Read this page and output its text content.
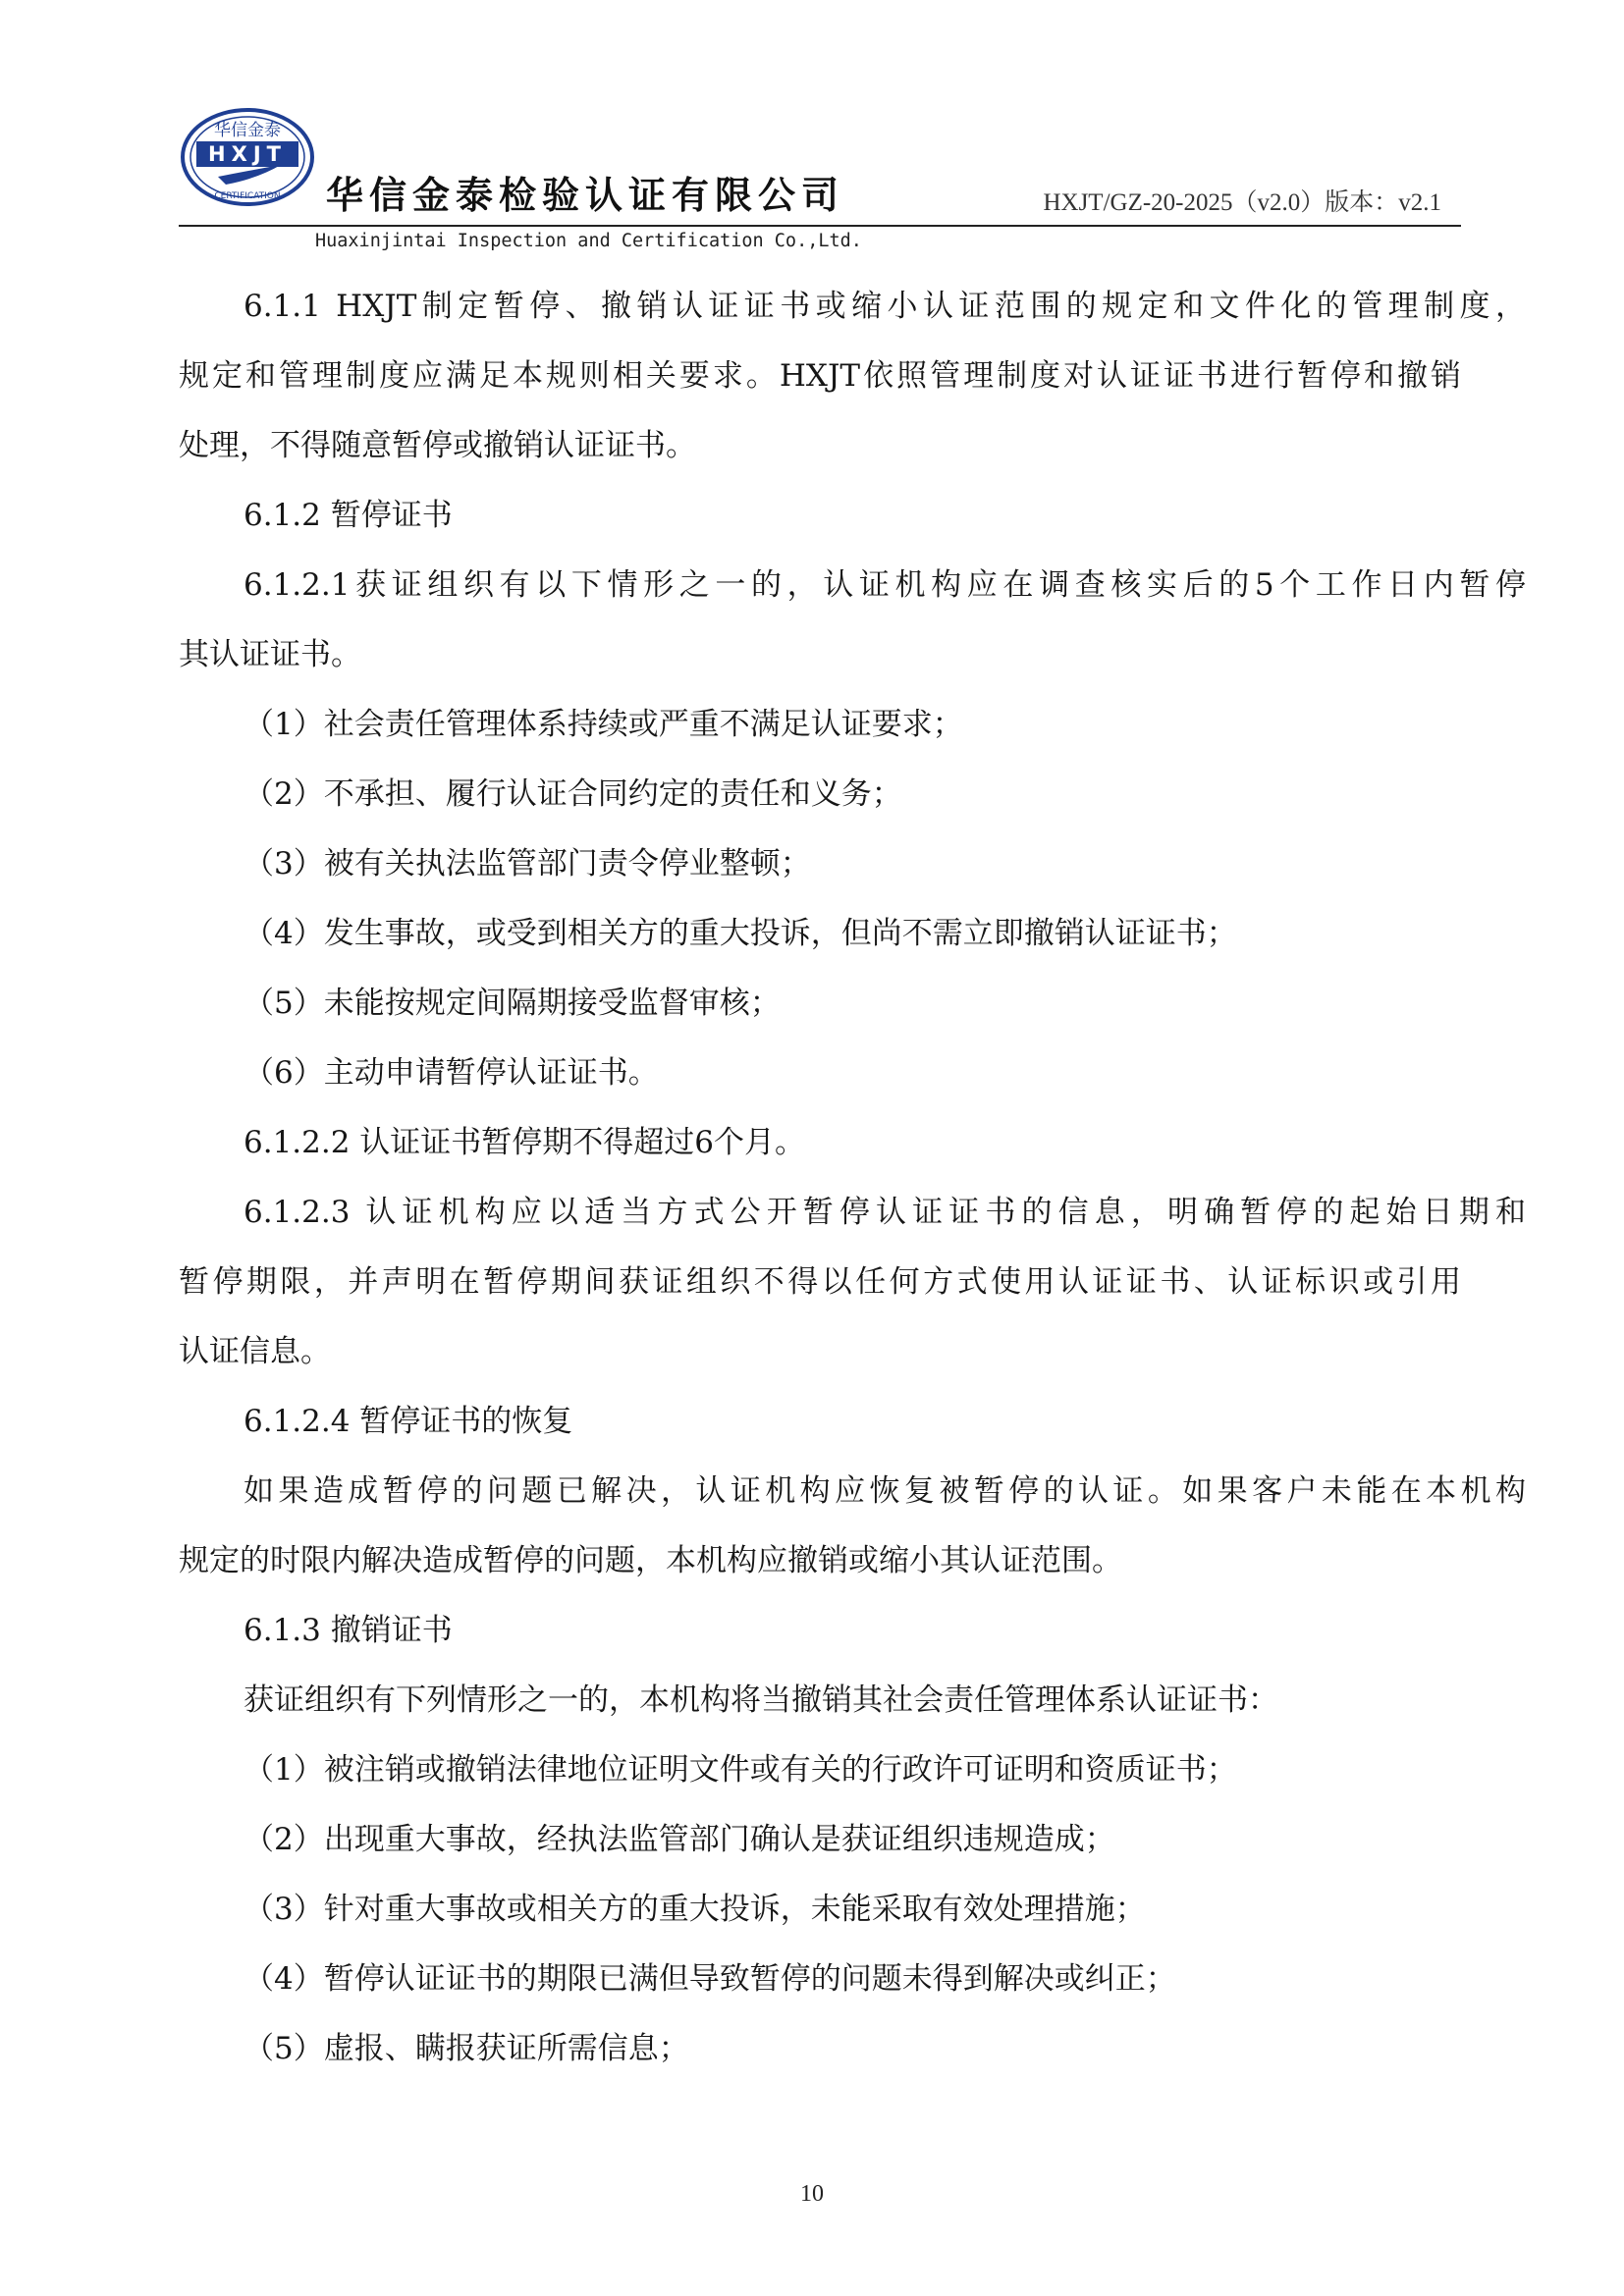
华信金泰
HXJT
CERTIFICATION 华信金泰检验认证有限公司	HXJT/GZ-20-2025（v2.0）版本：v2.1
Huaxinjintai Inspection and Certification Co.,Ltd.
6.1.1 HXJT制定暂停、撤销认证证书或缩小认证范围的规定和文件化的管理制度，
规定和管理制度应满足本规则相关要求。HXJT依照管理制度对认证证书进行暂停和撤销
处理，不得随意暂停或撤销认证证书。
6.1.2 暂停证书
6.1.2.1获证组织有以下情形之一的，认证机构应在调查核实后的5个工作日内暂停
其认证证书。
（1）社会责任管理体系持续或严重不满足认证要求；
（2）不承担、履行认证合同约定的责任和义务；
（3）被有关执法监管部门责令停业整顿；
（4）发生事故，或受到相关方的重大投诉，但尚不需立即撤销认证证书；
（5）未能按规定间隔期接受监督审核；
（6）主动申请暂停认证证书。
6.1.2.2 认证证书暂停期不得超过6个月。
6.1.2.3 认证机构应以适当方式公开暂停认证证书的信息，明确暂停的起始日期和
暂停期限，并声明在暂停期间获证组织不得以任何方式使用认证证书、认证标识或引用
认证信息。
6.1.2.4 暂停证书的恢复
如果造成暂停的问题已解决，认证机构应恢复被暂停的认证。如果客户未能在本机构
规定的时限内解决造成暂停的问题，本机构应撤销或缩小其认证范围。
6.1.3 撤销证书
获证组织有下列情形之一的，本机构将当撤销其社会责任管理体系认证证书：
（1）被注销或撤销法律地位证明文件或有关的行政许可证明和资质证书；
（2）出现重大事故，经执法监管部门确认是获证组织违规造成；
（3）针对重大事故或相关方的重大投诉，未能采取有效处理措施；
（4）暂停认证证书的期限已满但导致暂停的问题未得到解决或纠正；
（5）虚报、瞒报获证所需信息；
10
